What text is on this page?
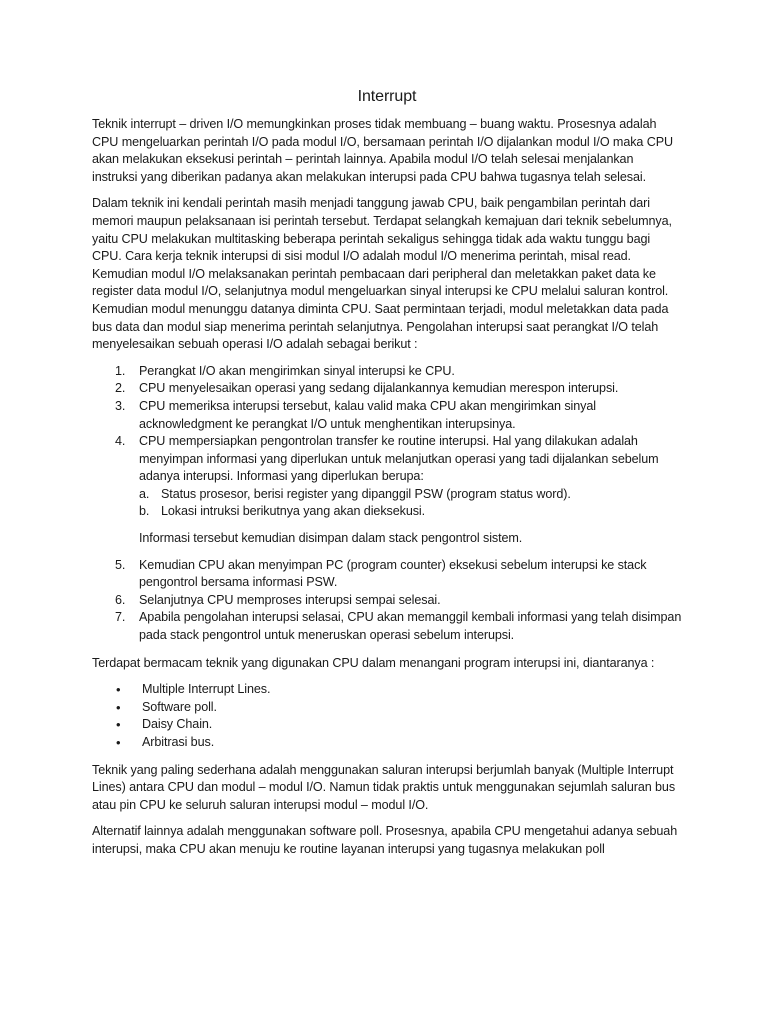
Interrupt

Teknik interrupt – driven I/O memungkinkan proses tidak membuang – buang waktu. Prosesnya adalah CPU mengeluarkan perintah I/O pada modul I/O, bersamaan perintah I/O dijalankan modul I/O maka CPU akan melakukan eksekusi perintah – perintah lainnya. Apabila modul I/O telah selesai menjalankan instruksi yang diberikan padanya akan melakukan interupsi pada CPU bahwa tugasnya telah selesai.

Dalam teknik ini kendali perintah masih menjadi tanggung jawab CPU, baik pengambilan perintah dari memori maupun pelaksanaan isi perintah tersebut. Terdapat selangkah kemajuan dari teknik sebelumnya, yaitu CPU melakukan multitasking beberapa perintah sekaligus sehingga tidak ada waktu tunggu bagi CPU. Cara kerja teknik interupsi di sisi modul I/O adalah modul I/O menerima perintah, misal read. Kemudian modul I/O melaksanakan perintah pembacaan dari peripheral dan meletakkan paket data ke register data modul I/O, selanjutnya modul mengeluarkan sinyal interupsi ke CPU melalui saluran kontrol. Kemudian modul menunggu datanya diminta CPU. Saat permintaan terjadi, modul meletakkan data pada bus data dan modul siap menerima perintah selanjutnya. Pengolahan interupsi saat perangkat I/O telah menyelesaikan sebuah operasi I/O adalah sebagai berikut :

1. Perangkat I/O akan mengirimkan sinyal interupsi ke CPU.
2. CPU menyelesaikan operasi yang sedang dijalankannya kemudian merespon interupsi.
3. CPU memeriksa interupsi tersebut, kalau valid maka CPU akan mengirimkan sinyal acknowledgment ke perangkat I/O untuk menghentikan interupsinya.
4. CPU mempersiapkan pengontrolan transfer ke routine interupsi. Hal yang dilakukan adalah menyimpan informasi yang diperlukan untuk melanjutkan operasi yang tadi dijalankan sebelum adanya interupsi. Informasi yang diperlukan berupa:
a. Status prosesor, berisi register yang dipanggil PSW (program status word).
b. Lokasi intruksi berikutnya yang akan dieksekusi.
Informasi tersebut kemudian disimpan dalam stack pengontrol sistem.
5. Kemudian CPU akan menyimpan PC (program counter) eksekusi sebelum interupsi ke stack pengontrol bersama informasi PSW.
6. Selanjutnya CPU memproses interupsi sempai selesai.
7. Apabila pengolahan interupsi selasai, CPU akan memanggil kembali informasi yang telah disimpan pada stack pengontrol untuk meneruskan operasi sebelum interupsi.

Terdapat bermacam teknik yang digunakan CPU dalam menangani program interupsi ini, diantaranya :

• Multiple Interrupt Lines.
• Software poll.
• Daisy Chain.
• Arbitrasi bus.

Teknik yang paling sederhana adalah menggunakan saluran interupsi berjumlah banyak (Multiple Interrupt Lines) antara CPU dan modul – modul I/O. Namun tidak praktis untuk menggunakan sejumlah saluran bus atau pin CPU ke seluruh saluran interupsi modul – modul I/O.

Alternatif lainnya adalah menggunakan software poll. Prosesnya, apabila CPU mengetahui adanya sebuah interupsi, maka CPU akan menuju ke routine layanan interupsi yang tugasnya melakukan poll
